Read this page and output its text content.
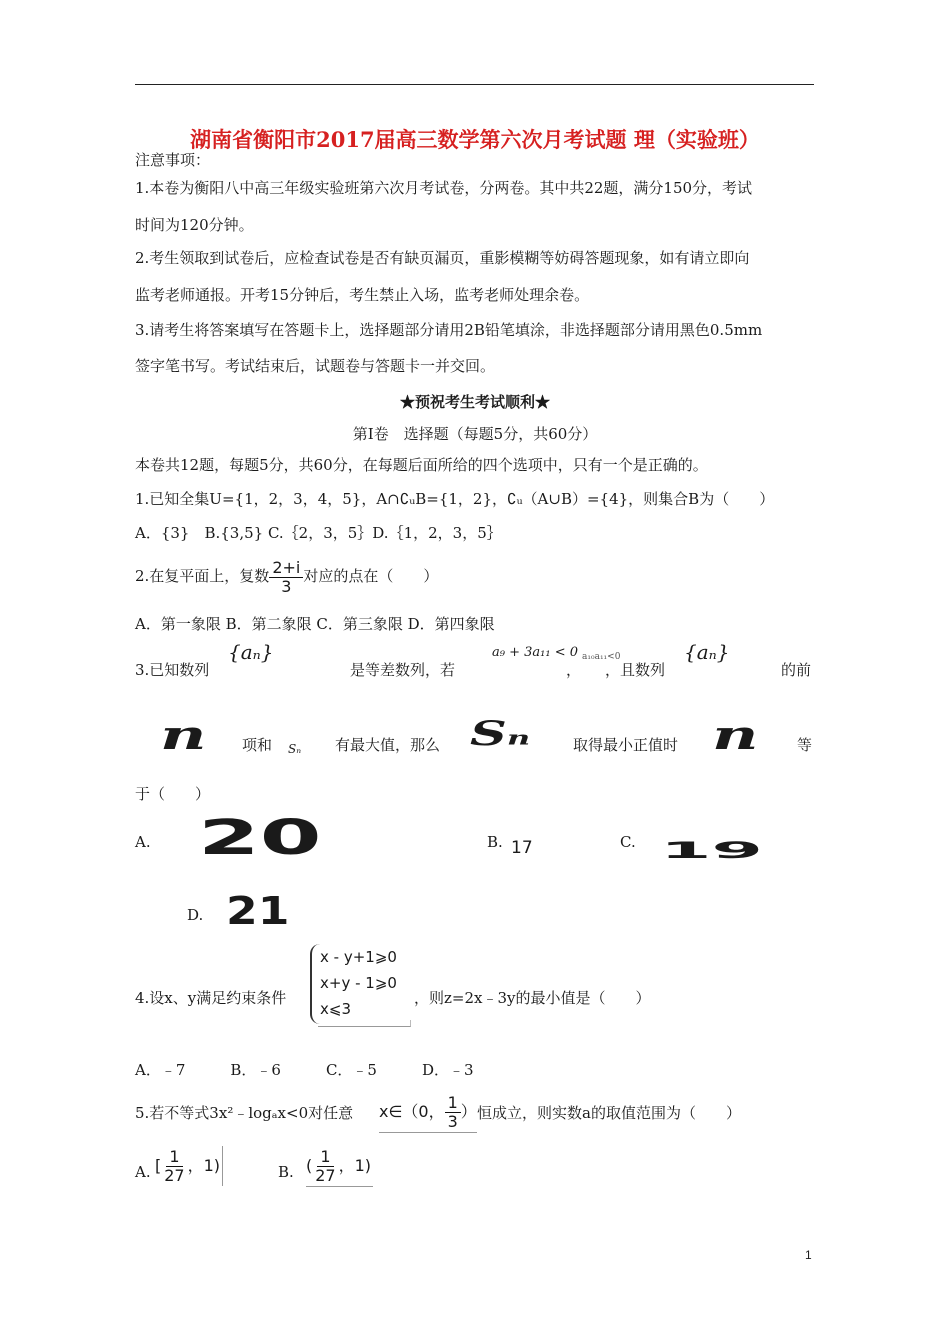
湖南省衡阳市2017届高三数学第六次月考试题 理（实验班）
注意事项：
1.本卷为衡阳八中高三年级实验班第六次月考试卷，分两卷。其中共22题，满分150分，考试
时间为120分钟。
2.考生领取到试卷后，应检查试卷是否有缺页漏页，重影模糊等妨碍答题现象，如有请立即向
监考老师通报。开考15分钟后，考生禁止入场，监考老师处理余卷。
3.请考生将答案填写在答题卡上，选择题部分请用2B铅笔填涂，非选择题部分请用黑色0.5mm
签字笔书写。考试结束后，试题卷与答题卡一并交回。
★预祝考生考试顺利★
第Ⅰ卷　选择题（每题5分，共60分）
本卷共12题，每题5分，共60分，在每题后面所给的四个选项中，只有一个是正确的。
1.已知全集U={1，2，3，4，5}，A∩∁ᵤB={1，2}，∁ᵤ（A∪B）={4}，则集合B为（　　）
A．{3}　B.{3,5} C.｛2，3，5｝D.｛1，2，3，5｝
2.在复平面上，复数 $\frac{2+i}{3}$ 对应的点在（　　）
A．第一象限 B．第二象限 C．第三象限 D．第四象限
3.已知数列
{aₙ}
是等差数列，若
a₉ + 3a₁₁ < 0
，
a₁₀a₁₁<0
，且数列
{aₙ}
的前
n 项和 Sₙ 有最大值，那么 Sₙ	取得最小正值时 n	等
于（　　）
A. 20	B. 17	C. 19
D. 21
4.设x、y满足约束条件
x - y+1⩾0
x+y - 1⩾0
x⩽3
，则z=2x﹣3y的最小值是（　　）
A．﹣7　　　B．﹣6　　　C．﹣5　　　D．﹣3
5.若不等式3x²﹣logₐx<0对任意 x∈（0， $\frac{1}{3}$ ） 恒成立，则实数a的取值范围为（　　）
A. [ $\frac{1}{27}$ ，1)	B. ( $\frac{1}{27}$ ，1)
1
